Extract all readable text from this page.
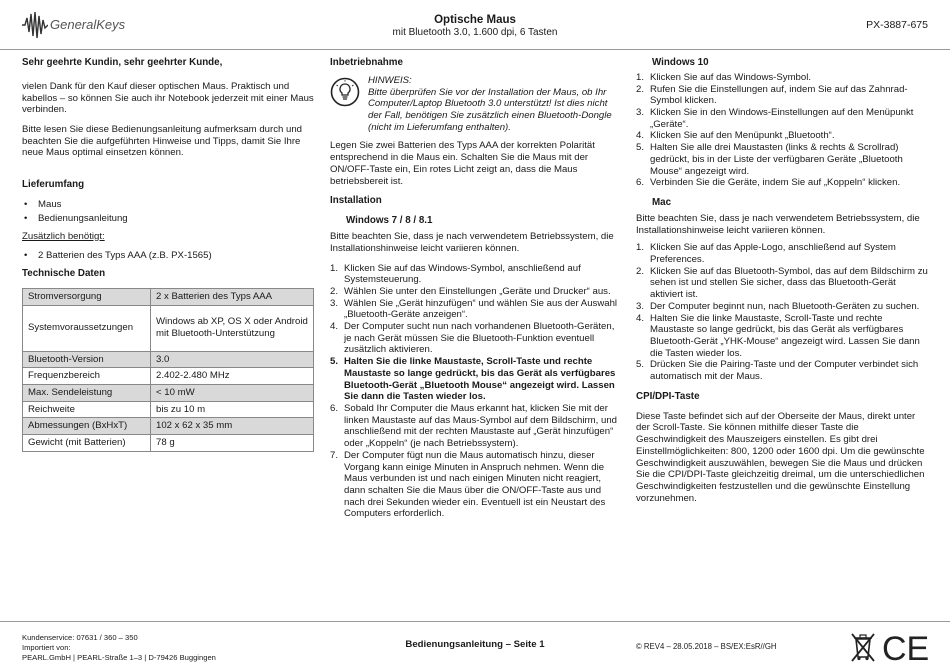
GeneralKeys	Optische Maus
mit Bluetooth 3.0, 1.600 dpi, 6 Tasten
PX-3887-675
Sehr geehrte Kundin, sehr geehrter Kunde,

vielen Dank für den Kauf dieser optischen Maus. Praktisch und kabellos – so können Sie auch ihr Notebook jederzeit mit einer Maus verbinden.

Bitte lesen Sie diese Bedienungsanleitung aufmerksam durch und beachten Sie die aufgeführten Hinweise und Tipps, damit Sie Ihre neue Maus optimal einsetzen können.

Lieferumfang
• Maus
• Bedienungsanleitung

Zusätzlich benötigt:

• 2 Batterien des Typs AAA (z.B. PX-1565)
Technische Daten
Stromversorgung	2 x Batterien des Typs AAA
Systemvoraussetzungen	Windows ab XP, OS X oder Android mit Bluetooth-Unterstützung
Bluetooth-Version	3.0
Frequenzbereich	2.402-2.480 MHz
Max. Sendeleistung	< 10 mW
Reichweite	bis zu 10 m
Abmessungen (BxHxT)	102 x 62 x 35 mm
Gewicht (mit Batterien)	78 g
Inbetriebnahme
HINWEIS:
Bitte überprüfen Sie vor der Installation der Maus, ob Ihr Computer/Laptop Bluetooth 3.0 unterstützt! Ist dies nicht der Fall, benötigen Sie zusätzlich einen Bluetooth-Dongle (nicht im Lieferumfang enthalten).

Legen Sie zwei Batterien des Typs AAA der korrekten Polarität entsprechend in die Maus ein. Schalten Sie die Maus mit der ON/OFF-Taste ein, Ein rotes Licht zeigt an, dass die Maus betriebsbereit ist.

Installation
Windows 7 / 8 / 8.1

Bitte beachten Sie, dass je nach verwendetem Betriebssystem, die Installationshinweise leicht variieren können.

1. Klicken Sie auf das Windows-Symbol, anschließend auf Systemsteuerung.
2. Wählen Sie unter den Einstellungen „Geräte und Drucker“ aus.
3. Wählen Sie „Gerät hinzufügen“ und wählen Sie aus der Auswahl „Bluetooth-Geräte anzeigen“.
4. Der Computer sucht nun nach vorhandenen Bluetooth-Geräten, je nach Gerät müssen Sie die Bluetooth-Funktion eventuell zusätzlich aktivieren.
5. Halten Sie die linke Maustaste, Scroll-Taste und rechte Maustaste so lange gedrückt, bis das Gerät als verfügbares Bluetooth-Gerät „Bluetooth Mouse“ angezeigt wird. Lassen Sie dann die Tasten wieder los.
6. Sobald Ihr Computer die Maus erkannt hat, klicken Sie mit der linken Maustaste auf das Maus-Symbol auf dem Bildschirm, und anschließend mit der rechten Maustaste auf „Gerät hinzufügen“ oder „Koppeln“ (je nach Betriebssystem).
7. Der Computer fügt nun die Maus automatisch hinzu, dieser Vorgang kann einige Minuten in Anspruch nehmen. Wenn die Maus verbunden ist und nach einigen Minuten nicht reagiert, dann schalten Sie die Maus über die ON/OFF-Taste aus und nach drei Sekunden wieder ein. Eventuell ist ein Neustart des Computers erforderlich.
Windows 10
1. Klicken Sie auf das Windows-Symbol.
2. Rufen Sie die Einstellungen auf, indem Sie auf das Zahnrad-Symbol klicken.
3. Klicken Sie in den Windows-Einstellungen auf den Menüpunkt „Geräte“.
4. Klicken Sie auf den Menüpunkt „Bluetooth“.
5. Halten Sie alle drei Maustasten (links & rechts & Scrollrad) gedrückt, bis in der Liste der verfügbaren Geräte „Bluetooth Mouse“ angezeigt wird.
6. Verbinden Sie die Geräte, indem Sie auf „Koppeln“ klicken.
Mac

Bitte beachten Sie, dass je nach verwendetem Betriebssystem, die Installationshinweise leicht variieren können.

1. Klicken Sie auf das Apple-Logo, anschließend auf System Preferences.
2. Klicken Sie auf das Bluetooth-Symbol, das auf dem Bildschirm zu sehen ist und stellen Sie sicher, dass das Bluetooth-Gerät aktiviert ist.
3. Der Computer beginnt nun, nach Bluetooth-Geräten zu suchen.
4. Halten Sie die linke Maustaste, Scroll-Taste und rechte Maustaste so lange gedrückt, bis das Gerät als verfügbares Bluetooth-Gerät „YHK-Mouse“ angezeigt wird. Lassen Sie dann die Tasten wieder los.
5. Drücken Sie die Pairing-Taste und der Computer verbindet sich automatisch mit der Maus.
CPI/DPI-Taste

Diese Taste befindet sich auf der Oberseite der Maus, direkt unter der Scroll-Taste. Sie können mithilfe dieser Taste die Geschwindigkeit des Mauszeigers einstellen. Es gibt drei Einstellmöglichkeiten: 800, 1200 oder 1600 dpi. Um die gewünschte Geschwindigkeit auszuwählen, bewegen Sie die Maus und drücken Sie die CPI/DPI-Taste gleichzeitig dreimal, um die unterschiedlichen Geschwindigkeiten festzustellen und die gewünschte Einstellung vorzunehmen.

Kundenservice: 07631 / 360 – 350
Importiert von:
PEARL.GmbH | PEARL-Straße 1–3 | D-79426 Buggingen
Bedienungsanleitung – Seite 1	© REV4 – 28.05.2018 – BS/EX:EsR//GH	CE
